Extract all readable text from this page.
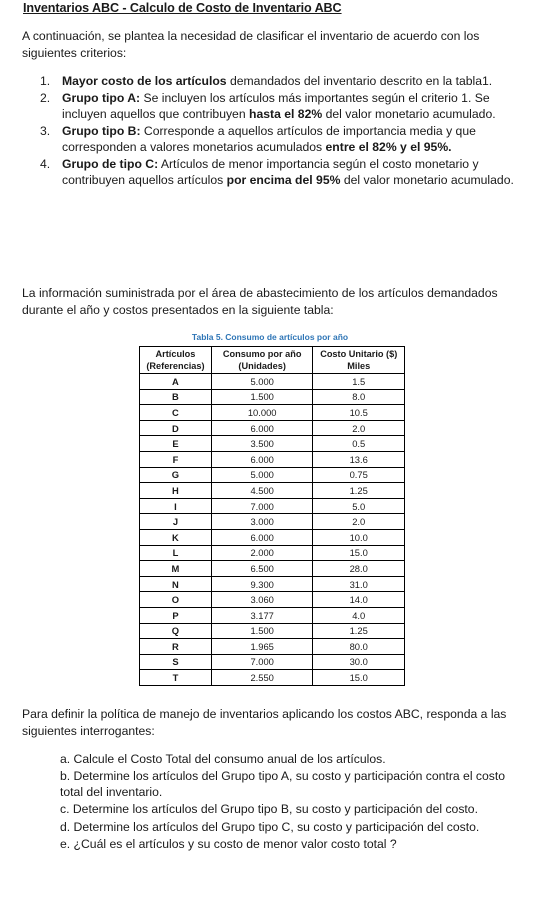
Inventarios ABC - Calculo de Costo de Inventario ABC
A continuación, se plantea la necesidad de clasificar el inventario de acuerdo con los siguientes criterios:
1. Mayor costo de los artículos demandados del inventario descrito en la tabla1.
2. Grupo tipo A: Se incluyen los artículos más importantes según el criterio 1. Se incluyen aquellos que contribuyen hasta el 82% del valor monetario acumulado.
3. Grupo tipo B: Corresponde a aquellos artículos de importancia media y que corresponden a valores monetarios acumulados entre el 82% y el 95%.
4. Grupo de tipo C: Artículos de menor importancia según el costo monetario y contribuyen aquellos artículos por encima del 95% del valor monetario acumulado.
La información suministrada por el área de abastecimiento de los artículos demandados durante el año y costos presentados en la siguiente tabla:
Tabla 5. Consumo de artículos por año
Artículos (Referencias)	Consumo por año (Unidades)	Costo Unitario ($) Miles
A	5.000	1.5
B	1.500	8.0
C	10.000	10.5
D	6.000	2.0
E	3.500	0.5
F	6.000	13.6
G	5.000	0.75
H	4.500	1.25
I	7.000	5.0
J	3.000	2.0
K	6.000	10.0
L	2.000	15.0
M	6.500	28.0
N	9.300	31.0
O	3.060	14.0
P	3.177	4.0
Q	1.500	1.25
R	1.965	80.0
S	7.000	30.0
T	2.550	15.0
Para definir la política de manejo de inventarios aplicando los costos ABC, responda a las siguientes interrogantes:
a. Calcule el Costo Total del consumo anual de los artículos.
b. Determine los artículos del Grupo tipo A, su costo y participación contra el costo total del inventario.
c. Determine los artículos del Grupo tipo B, su costo y participación del costo.
d. Determine los artículos del Grupo tipo C, su costo y participación del costo.
e. ¿Cuál es el artículos y su costo de menor valor costo total ?
